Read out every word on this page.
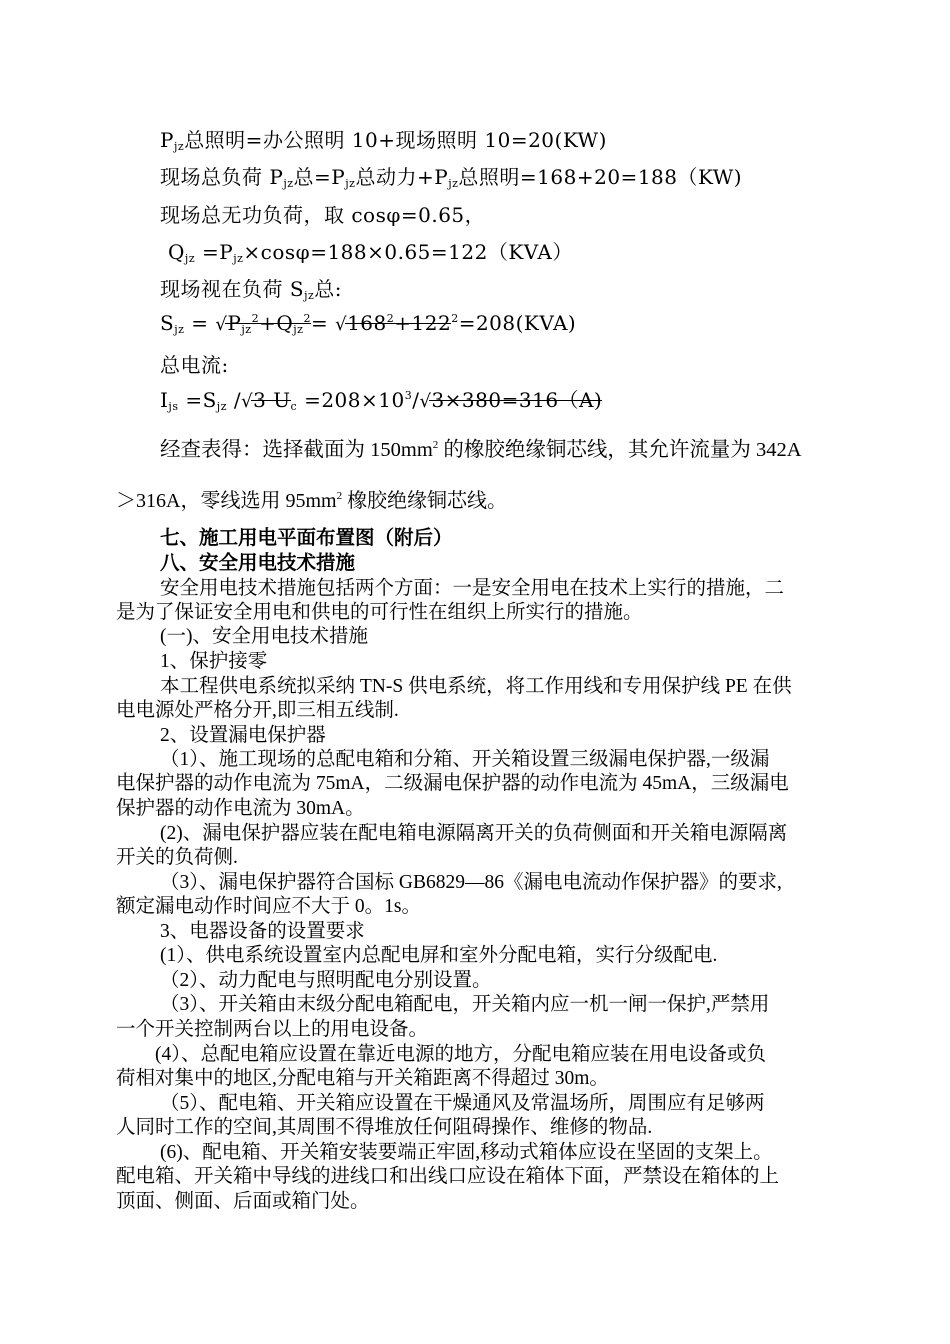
$P_{jz}$总照明=办公照明 10+现场照明 10=20(KW)
现场总负荷 $P_{jz}$总$=P_{jz}$总动力$+P_{jz}$总照明=168+20=188（KW)
现场总无功负荷，取 cosφ=0.65，
$Q_{jz} =P_{jz}\times\cos\varphi=188\times 0.65=122(KVA)$
现场视在负荷 $S_{jz}$总:
$S_{jz} = √P_{jz}^2+Q_{jz}^2= √168^2+122^2=208(KVA)$
总电流:
$I_{js} =S_{jz}$ /√3 $U_c =208\times 10^3/√3\times 380=316(A)$
经查表得：选择截面为 $150mm^2$ 的橡胶绝缘铜芯线，其允许流量为 342A
＞316A，零线选用 $95mm^2$ 橡胶绝缘铜芯线。
七、施工用电平面布置图（附后）
八、安全用电技术措施
安全用电技术措施包括两个方面：一是安全用电在技术上实行的措施，二
是为了保证安全用电和供电的可行性在组织上所实行的措施。
(一)、安全用电技术措施
1、保护接零
本工程供电系统拟采纳 TN-S 供电系统，将工作用线和专用保护线 PE 在供
电电源处严格分开,即三相五线制.
2、设置漏电保护器
（1）、施工现场的总配电箱和分箱、开关箱设置三级漏电保护器,一级漏
电保护器的动作电流为 75mA，二级漏电保护器的动作电流为 45mA，三级漏电
保护器的动作电流为 30mA。
(2)、漏电保护器应装在配电箱电源隔离开关的负荷侧面和开关箱电源隔离
开关的负荷侧.
（3）、漏电保护器符合国标 GB6829—86《漏电电流动作保护器》的要求,
额定漏电动作时间应不大于 0。1s。
3、电器设备的设置要求
(1）、供电系统设置室内总配电屏和室外分配电箱，实行分级配电.
（2）、动力配电与照明配电分别设置。
（3）、开关箱由末级分配电箱配电，开关箱内应一机一闸一保护,严禁用
一个开关控制两台以上的用电设备。
(4）、总配电箱应设置在靠近电源的地方，分配电箱应装在用电设备或负
荷相对集中的地区,分配电箱与开关箱距离不得超过 30m。
（5）、配电箱、开关箱应设置在干燥通风及常温场所，周围应有足够两
人同时工作的空间,其周围不得堆放任何阻碍操作、维修的物品.
(6)、配电箱、开关箱安装要端正牢固,移动式箱体应设在坚固的支架上。
配电箱、开关箱中导线的进线口和出线口应设在箱体下面，严禁设在箱体的上
顶面、侧面、后面或箱门处。
